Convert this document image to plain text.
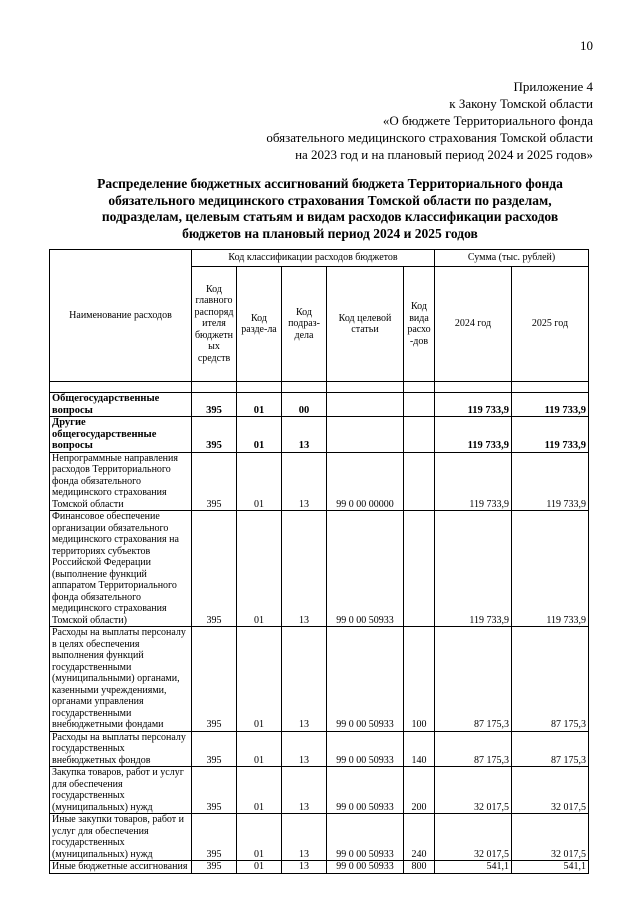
10
Приложение 4
к Закону Томской области
«О бюджете Территориального фонда
обязательного медицинского страхования Томской области
на 2023 год и на плановый период 2024 и 2025 годов»
Распределение бюджетных ассигнований бюджета Территориального фонда
обязательного медицинского страхования Томской области по разделам,
подразделам, целевым статьям и видам расходов классификации расходов
бюджетов на плановый период 2024 и 2025 годов
Наименование расходов	Код классификации расходов бюджетов					Сумма (тыс. рублей)	
	Код главного распоряд ителя бюджетн ых средств	Код разде-ла	Код подраз-дела	Код целевой статьи	Код вида расхо -дов	2024 год	2025 год

Общегосударственные вопросы	395	01	00			119 733,9	119 733,9
Другие общегосударственные вопросы	395	01	13			119 733,9	119 733,9
Непрограммные направления расходов Территориального фонда обязательного медицинского страхования Томской области	395	01	13	99 0 00 00000		119 733,9	119 733,9
Финансовое обеспечение организации обязательного медицинского страхования на территориях субъектов Российской Федерации (выполнение функций аппаратом Территориального фонда обязательного медицинского страхования Томской области)	395	01	13	99 0 00 50933		119 733,9	119 733,9
Расходы на выплаты персоналу в целях обеспечения выполнения функций государственными (муниципальными) органами, казенными учреждениями, органами управления государственными внебюджетными фондами	395	01	13	99 0 00 50933	100	87 175,3	87 175,3
Расходы на выплаты персоналу государственных внебюджетных фондов	395	01	13	99 0 00 50933	140	87 175,3	87 175,3
Закупка товаров, работ и услуг для обеспечения государственных (муниципальных) нужд	395	01	13	99 0 00 50933	200	32 017,5	32 017,5
Иные закупки товаров, работ и услуг для обеспечения государственных (муниципальных) нужд	395	01	13	99 0 00 50933	240	32 017,5	32 017,5
Иные бюджетные ассигнования	395	01	13	99 0 00 50933	800	541,1	541,1
